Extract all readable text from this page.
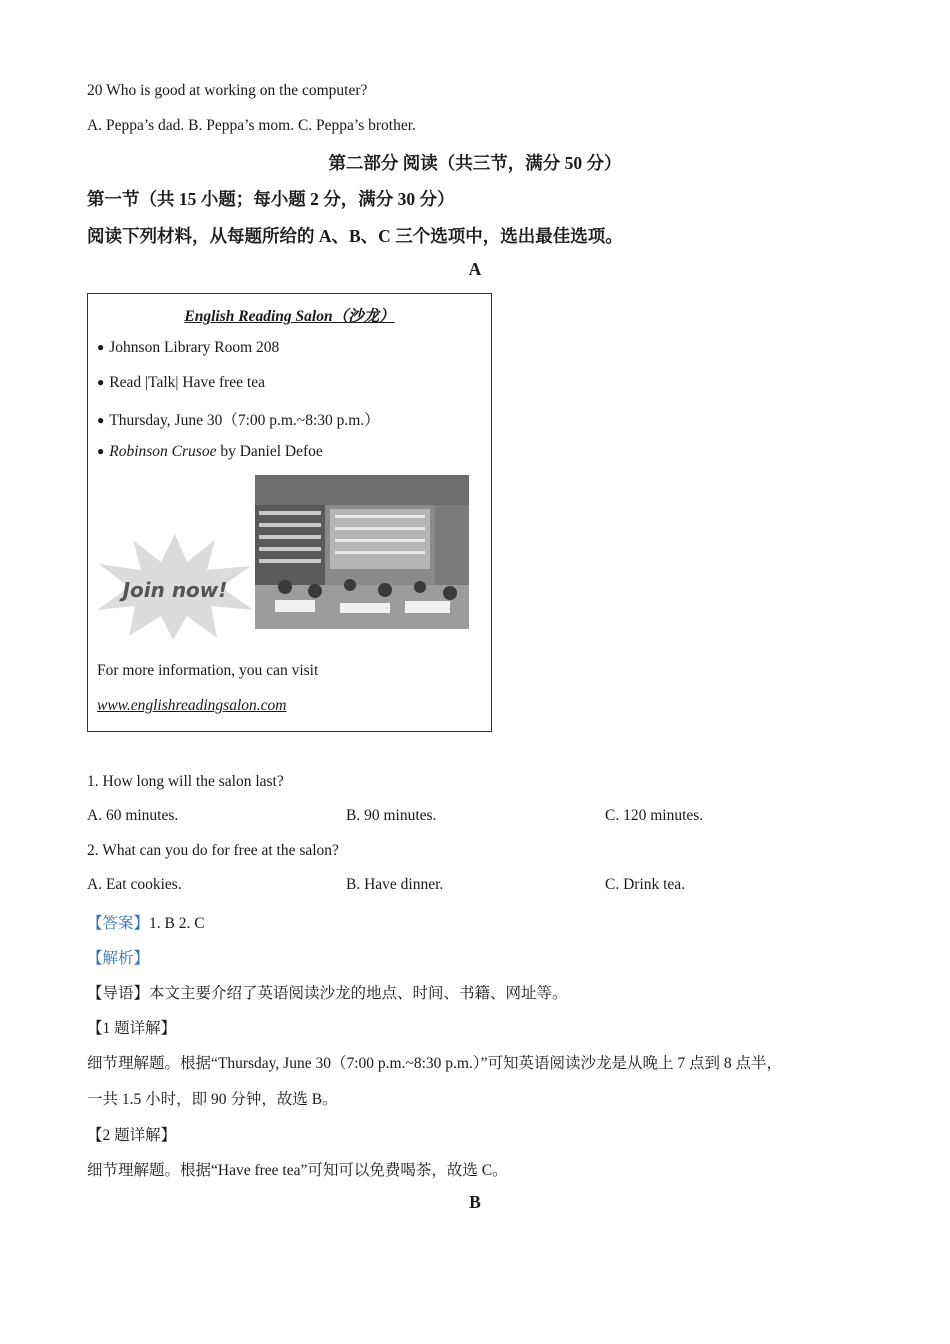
20 Who is good at working on the computer?
A. Peppa’s dad. B. Peppa’s mom. C. Peppa’s brother.
第二部分 阅读（共三节，满分 50 分）
第一节（共 15 小题；每小题 2 分，满分 30 分）
阅读下列材料，从每题所给的 A、B、C 三个选项中，选出最佳选项。
A
English Reading Salon（沙龙）
● Johnson Library Room 208
● Read |Talk| Have free tea
● Thursday, June 30（7:00 p.m.~8:30 p.m.）
● Robinson Crusoe by Daniel Defoe
Join now!
For more information, you can visit
www.englishreadingsalon.com
1. How long will the salon last?
A. 60 minutes.	B. 90 minutes.	C. 120 minutes.
2. What can you do for free at the salon?
A. Eat cookies.	B. Have dinner.	C. Drink tea.
【答案】1. B 2. C
【解析】
【导语】本文主要介绍了英语阅读沙龙的地点、时间、书籍、网址等。
【1 题详解】
细节理解题。根据“Thursday, June 30（7:00 p.m.~8:30 p.m.）”可知英语阅读沙龙是从晚上 7 点到 8 点半，
一共 1.5 小时，即 90 分钟，故选 B。
【2 题详解】
细节理解题。根据“Have free tea”可知可以免费喝茶，故选 C。
B
